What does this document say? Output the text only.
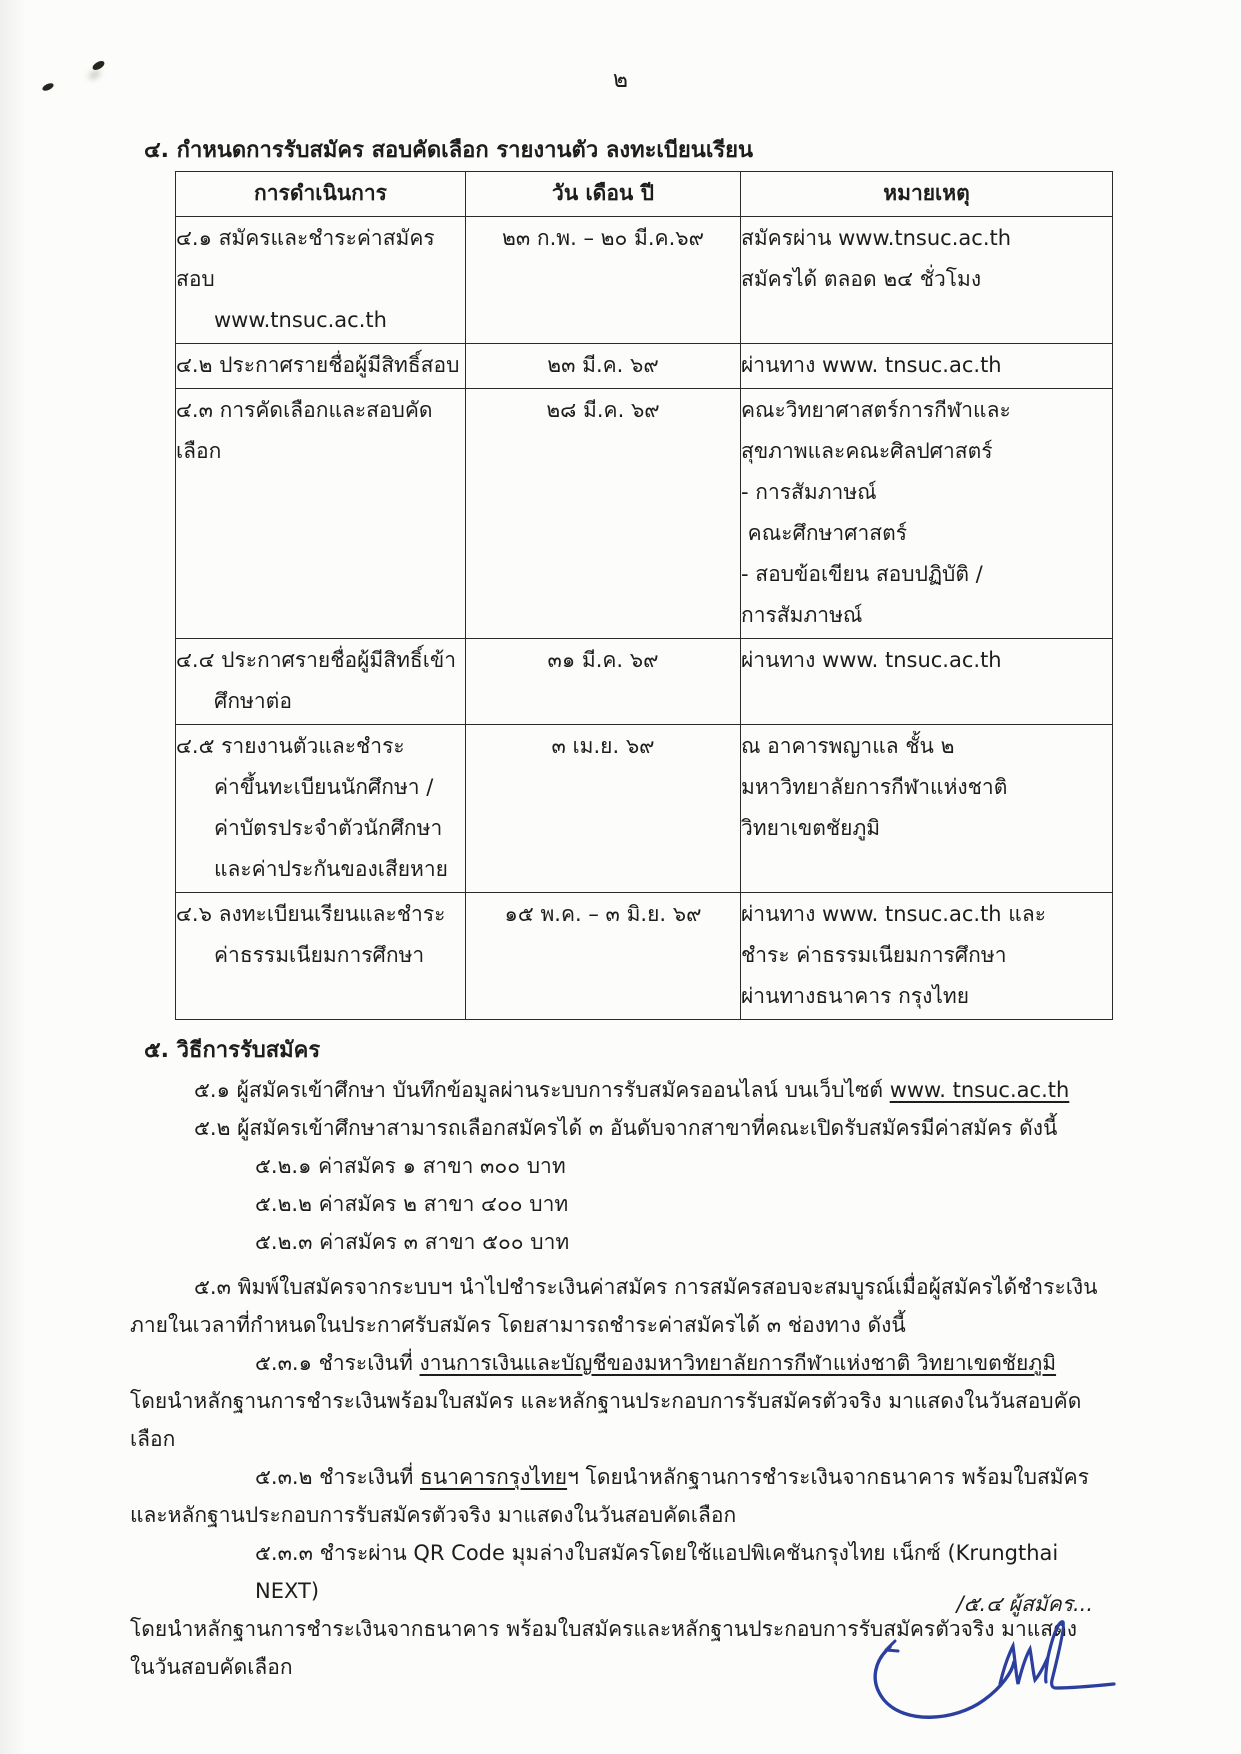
๒
๔. กำหนดการรับสมัคร สอบคัดเลือก รายงานตัว ลงทะเบียนเรียน
การดำเนินการ	วัน เดือน ปี	หมายเหตุ

๔.๑ สมัครและชำระค่าสมัครสอบ
www.tnsuc.ac.th
	๒๓ ก.พ. – ๒๐ มี.ค.๖๙	สมัครผ่าน www.tnsuc.ac.th
สมัครได้ ตลอด ๒๔ ชั่วโมง

๔.๒ ประกาศรายชื่อผู้มีสิทธิ์สอบ	๒๓ มี.ค. ๖๙	ผ่านทาง www. tnsuc.ac.th

๔.๓ การคัดเลือกและสอบคัดเลือก
	๒๘ มี.ค. ๖๙	คณะวิทยาศาสตร์การกีฬาและ
สุขภาพและคณะศิลปศาสตร์
- การสัมภาษณ์
คณะศึกษาศาสตร์
- สอบข้อเขียน สอบปฏิบัติ /
การสัมภาษณ์

๔.๔ ประกาศรายชื่อผู้มีสิทธิ์เข้า
ศึกษาต่อ	๓๑ มี.ค. ๖๙	ผ่านทาง www. tnsuc.ac.th

๔.๕ รายงานตัวและชำระ
ค่าขึ้นทะเบียนนักศึกษา /
ค่าบัตรประจำตัวนักศึกษา
และค่าประกันของเสียหาย
	๓ เม.ย. ๖๙	ณ อาคารพญาแล ชั้น ๒
มหาวิทยาลัยการกีฬาแห่งชาติ
วิทยาเขตชัยภูมิ

๔.๖ ลงทะเบียนเรียนและชำระ
ค่าธรรมเนียมการศึกษา
	๑๕ พ.ค. – ๓ มิ.ย. ๖๙	ผ่านทาง www. tnsuc.ac.th และ
ชำระ ค่าธรรมเนียมการศึกษา
ผ่านทางธนาคาร กรุงไทย
๕. วิธีการรับสมัคร
๕.๑ ผู้สมัครเข้าศึกษา บันทึกข้อมูลผ่านระบบการรับสมัครออนไลน์ บนเว็บไซต์ www. tnsuc.ac.th
๕.๒ ผู้สมัครเข้าศึกษาสามารถเลือกสมัครได้ ๓ อันดับจากสาขาที่คณะเปิดรับสมัครมีค่าสมัคร ดังนี้
๕.๒.๑ ค่าสมัคร ๑ สาขา ๓๐๐ บาท
๕.๒.๒ ค่าสมัคร ๒ สาขา ๔๐๐ บาท
๕.๒.๓ ค่าสมัคร ๓ สาขา ๕๐๐ บาท
๕.๓ พิมพ์ใบสมัครจากระบบฯ นำไปชำระเงินค่าสมัคร การสมัครสอบจะสมบูรณ์เมื่อผู้สมัครได้ชำระเงิน
ภายในเวลาที่กำหนดในประกาศรับสมัคร โดยสามารถชำระค่าสมัครได้ ๓ ช่องทาง ดังนี้
๕.๓.๑ ชำระเงินที่ งานการเงินและบัญชีของมหาวิทยาลัยการกีฬาแห่งชาติ วิทยาเขตชัยภูมิ
โดยนำหลักฐานการชำระเงินพร้อมใบสมัคร และหลักฐานประกอบการรับสมัครตัวจริง มาแสดงในวันสอบคัดเลือก
๕.๓.๒ ชำระเงินที่ ธนาคารกรุงไทยฯ โดยนำหลักฐานการชำระเงินจากธนาคาร พร้อมใบสมัคร
และหลักฐานประกอบการรับสมัครตัวจริง มาแสดงในวันสอบคัดเลือก
๕.๓.๓ ชำระผ่าน QR Code มุมล่างใบสมัครโดยใช้แอปพิเคชันกรุงไทย เน็กซ์ (Krungthai NEXT)
โดยนำหลักฐานการชำระเงินจากธนาคาร พร้อมใบสมัครและหลักฐานประกอบการรับสมัครตัวจริง มาแสดง
ในวันสอบคัดเลือก
/๕.๔ ผู้สมัคร...
